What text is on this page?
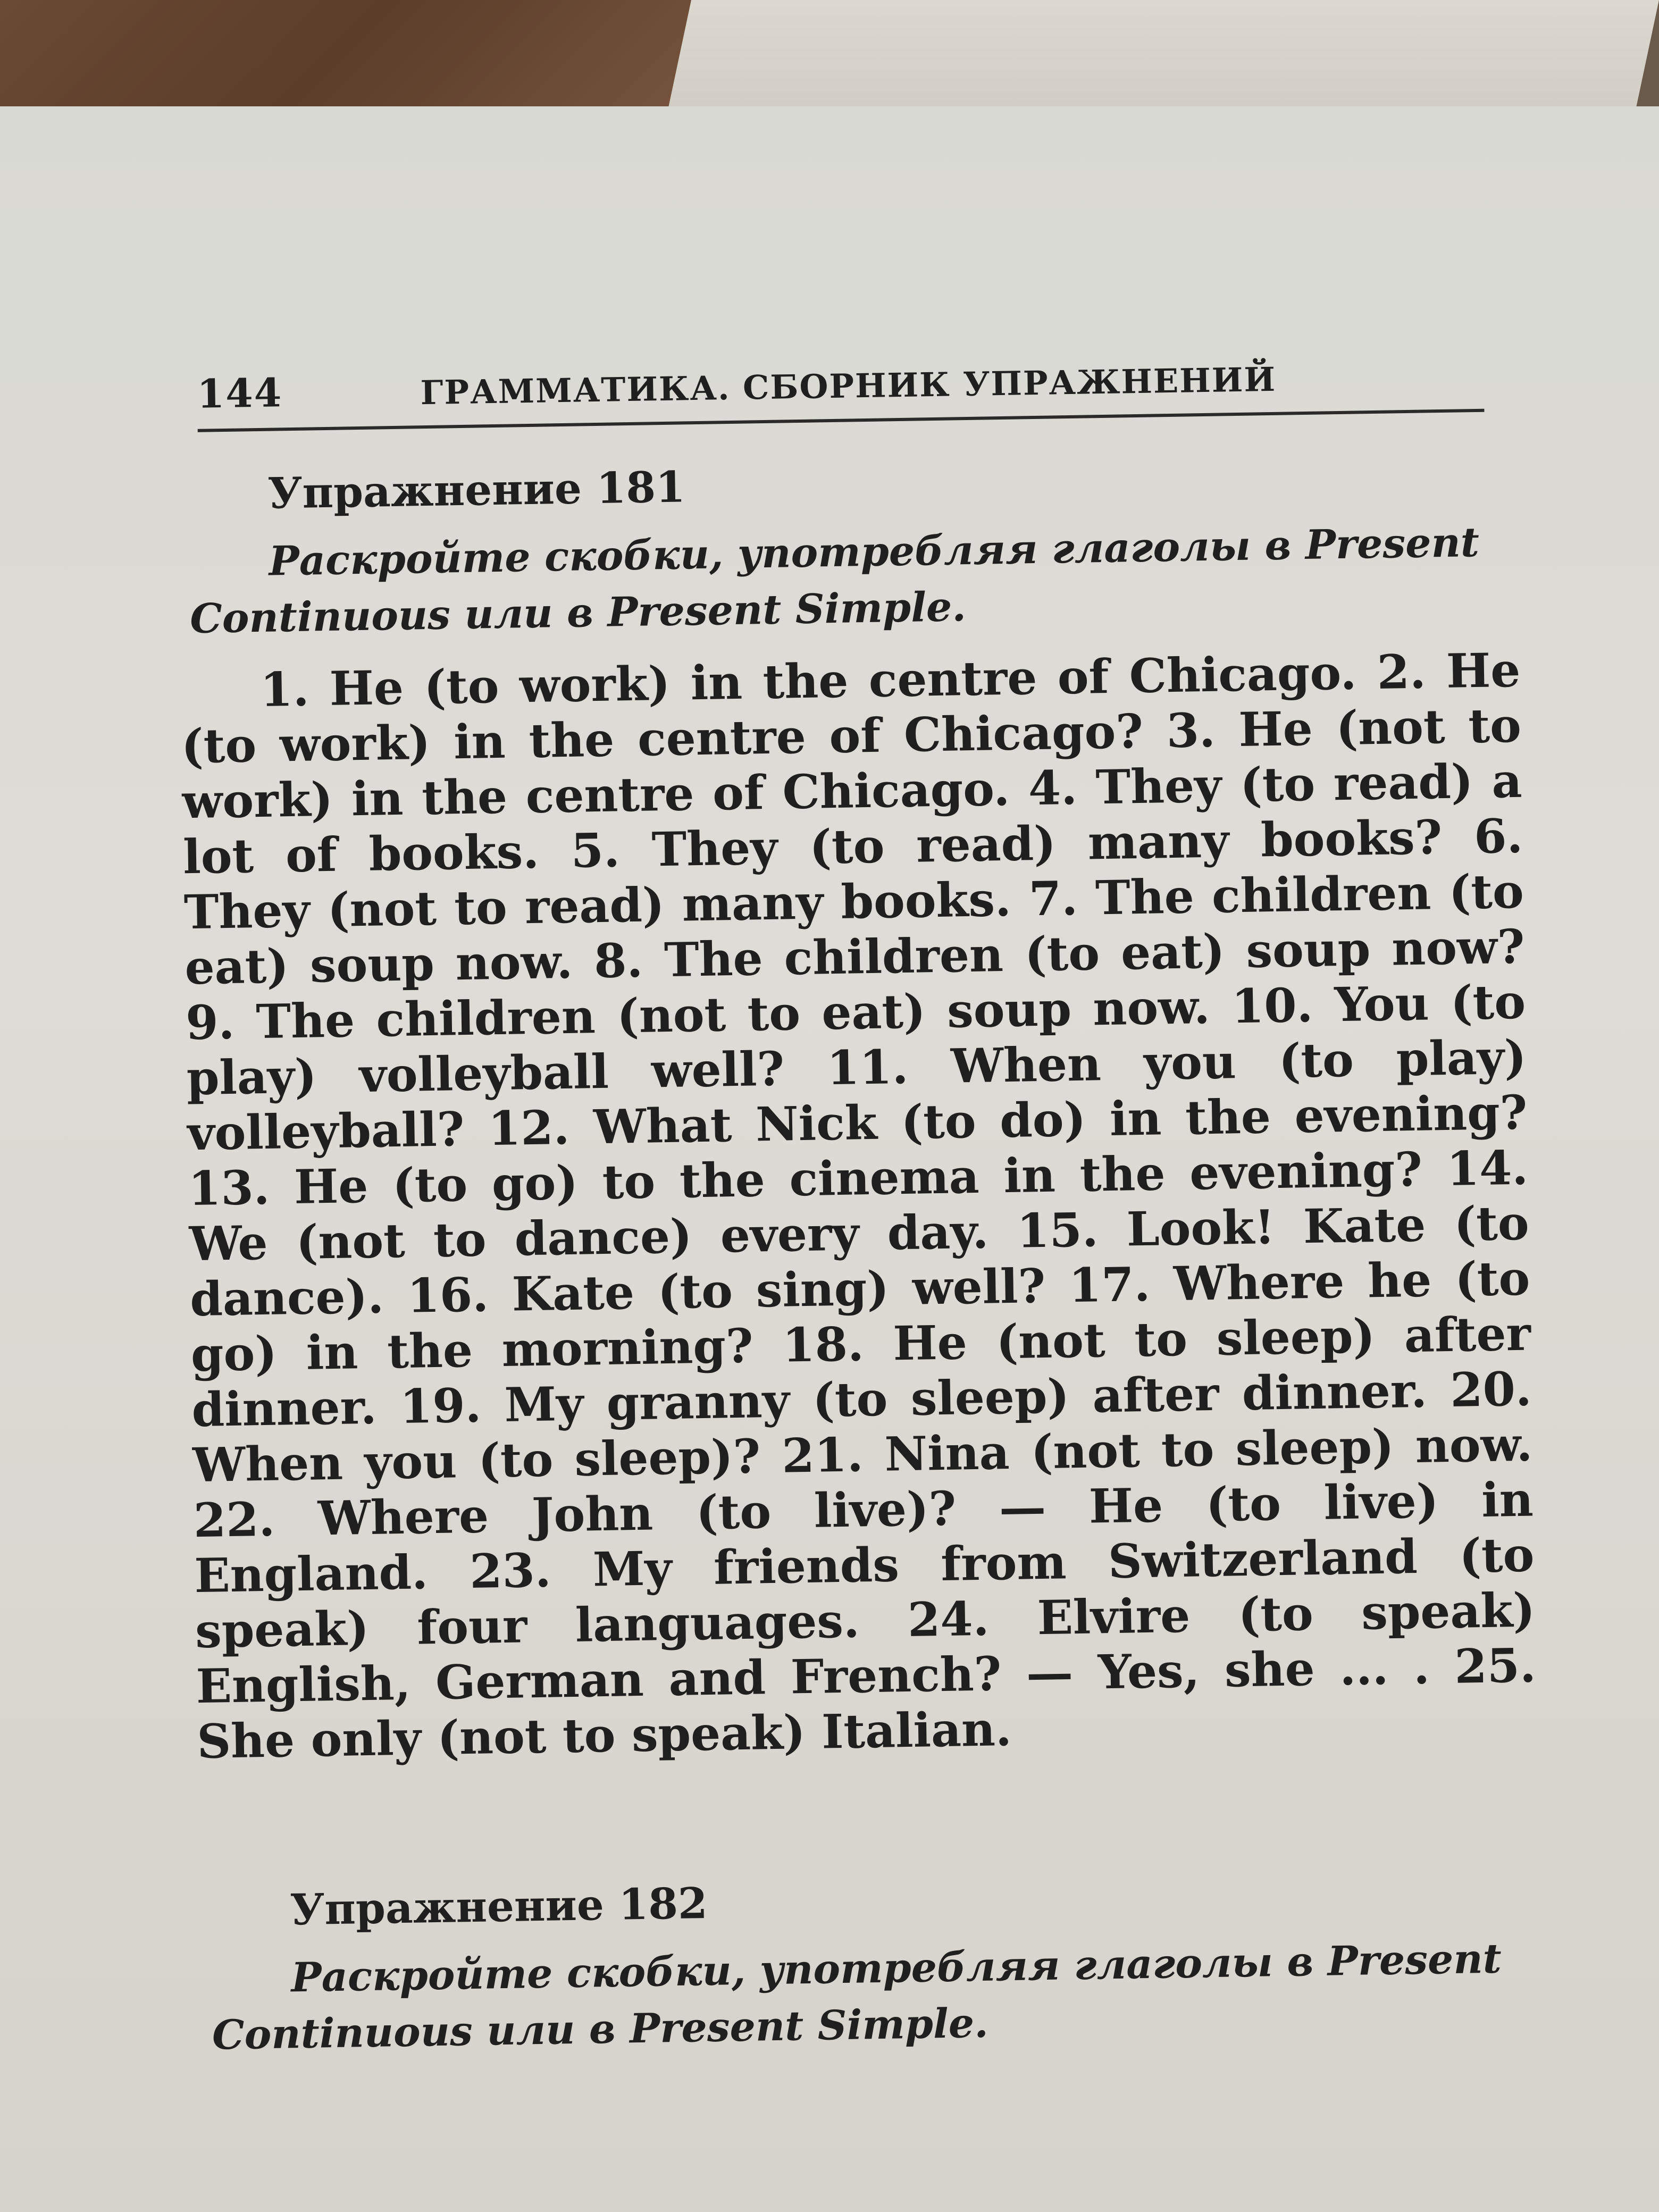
144	ГРАММАТИКА. СБОРНИК УПРАЖНЕНИЙ
Упражнение 181
Раскройте скобки, употребляя глаголы в Present Continuous или в Present Simple.
1. He (to work) in the centre of Chicago. 2. He (to work) in the centre of Chicago? 3. He (not to work) in the centre of Chicago. 4. They (to read) a lot of books. 5. They (to read) many books? 6. They (not to read) many books. 7. The children (to eat) soup now. 8. The children (to eat) soup now? 9. The children (not to eat) soup now. 10. You (to play) volleyball well? 11. When you (to play) volleyball? 12. What Nick (to do) in the evening? 13. He (to go) to the cinema in the evening? 14. We (not to dance) every day. 15. Look! Kate (to dance). 16. Kate (to sing) well? 17. Where he (to go) in the morning? 18. He (not to sleep) after dinner. 19. My granny (to sleep) after dinner. 20. When you (to sleep)? 21. Nina (not to sleep) now. 22. Where John (to live)? — He (to live) in England. 23. My friends from Switzerland (to speak) four languages. 24. Elvire (to speak) English, German and French? — Yes, she ... . 25. She only (not to speak) Italian.
Упражнение 182
Раскройте скобки, употребляя глаголы в Present Continuous или в Present Simple.
